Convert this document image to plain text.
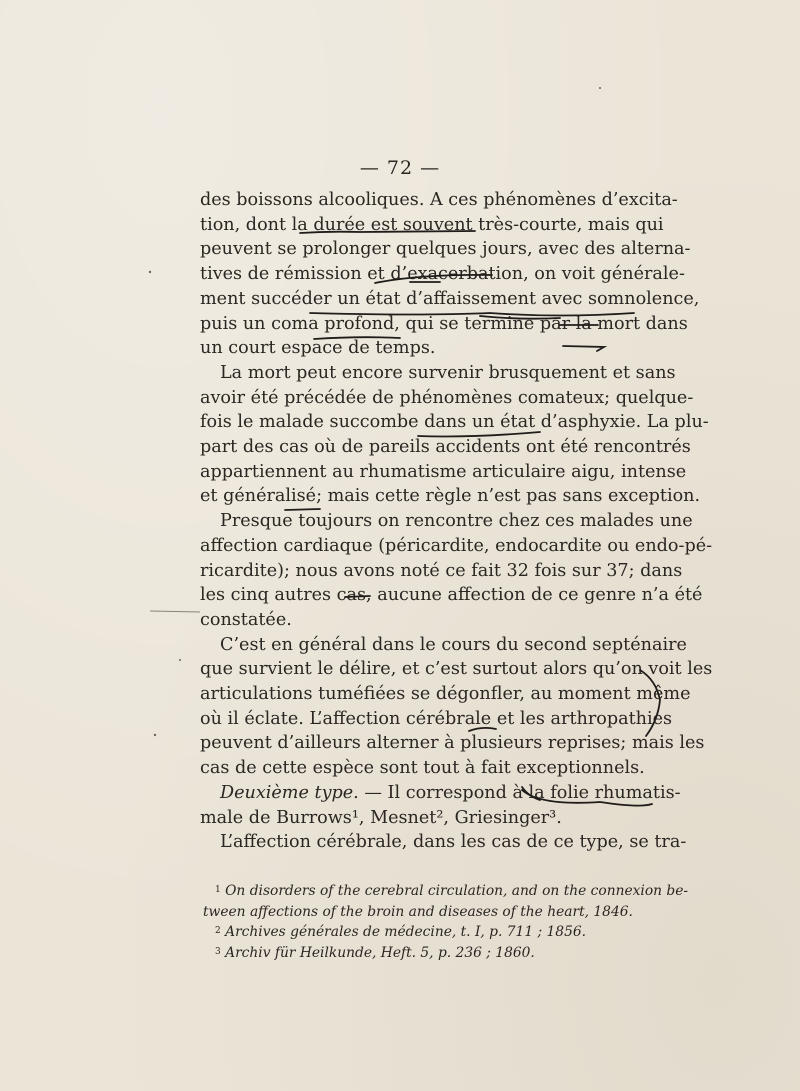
— 72 —
des boissons alcooliques. A ces phénomènes d’excita-
tion, dont la durée est souvent très-courte, mais qui
peuvent se prolonger quelques jours, avec des alterna-
tives de rémission et d’exacerbation, on voit générale-
ment succéder un état d’affaissement avec somnolence,
puis un coma profond, qui se termine par la mort dans
un court espace de temps.
La mort peut encore survenir brusquement et sans
avoir été précédée de phénomènes comateux; quelque-
fois le malade succombe dans un état d’asphyxie. La plu-
part des cas où de pareils accidents ont été rencontrés
appartiennent au rhumatisme articulaire aigu, intense
et généralisé; mais cette règle n’est pas sans exception.
Presque toujours on rencontre chez ces malades une
affection cardiaque (péricardite, endocardite ou endo-pé-
ricardite); nous avons noté ce fait 32 fois sur 37; dans
les cinq autres cas, aucune affection de ce genre n’a été
constatée.
C’est en général dans le cours du second septénaire
que survient le délire, et c’est surtout alors qu’on voit les
articulations tuméfiées se dégonfler, au moment même
où il éclate. L’affection cérébrale et les arthropathies
peuvent d’ailleurs alterner à plusieurs reprises; mais les
cas de cette espèce sont tout à fait exceptionnels.
Deuxième type. — Il correspond à la folie rhumatis-
male de Burrows¹, Mesnet², Griesinger³.
L’affection cérébrale, dans les cas de ce type, se tra-
$^1$ On disorders of the cerebral circulation, and on the connexion be-
tween affections of the broin and diseases of the heart, 1846.
$^2$ Archives générales de médecine, t. I, p. 711 ; 1856.
$^3$ Archiv für Heilkunde, Heft. 5, p. 236 ; 1860.
